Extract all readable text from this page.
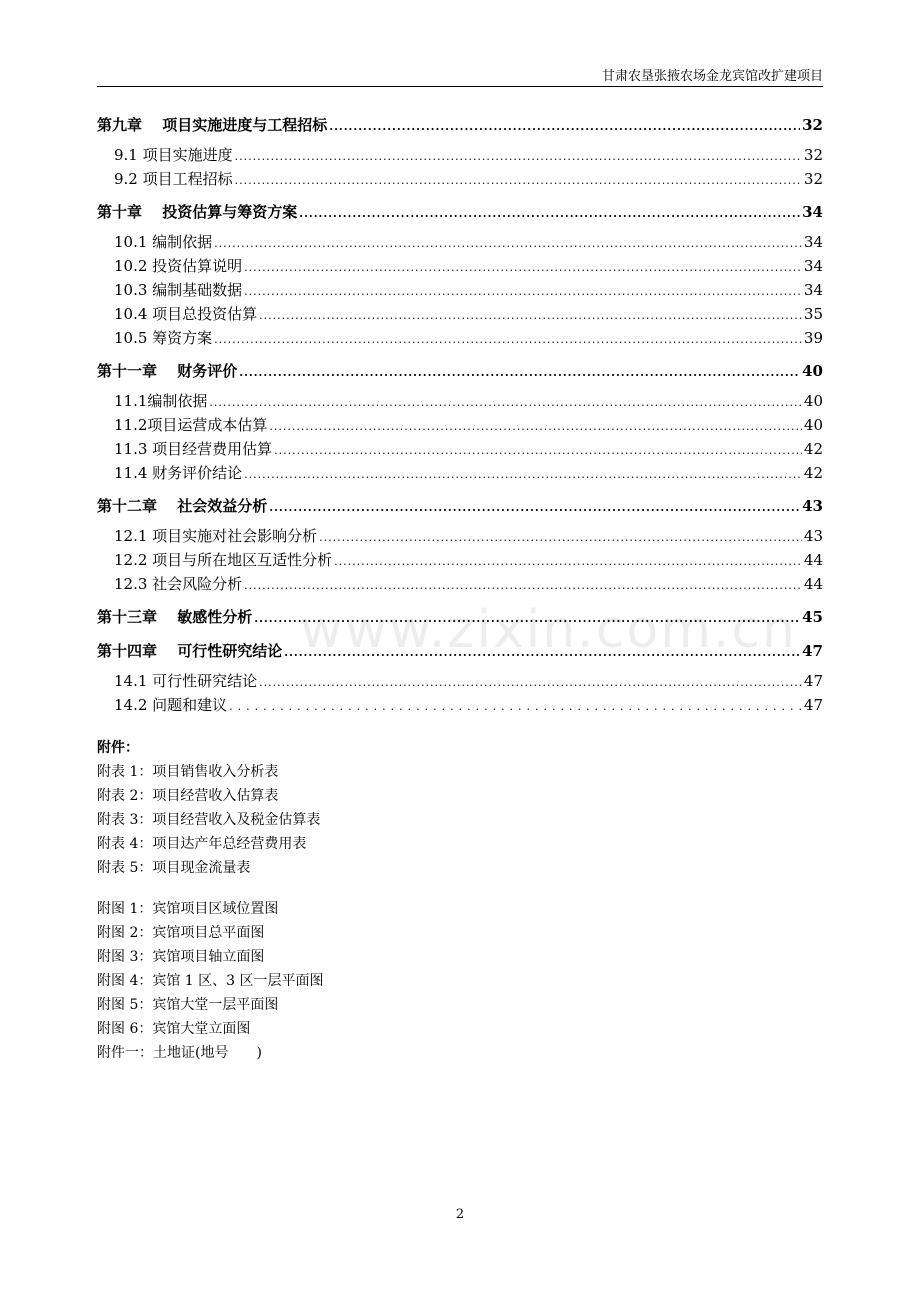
甘肃农垦张掖农场金龙宾馆改扩建项目
第九章　 项目实施进度与工程招标 .....	32
9.1 项目实施进度 .....	32
9.2 项目工程招标 .....	32
第十章　 投资估算与筹资方案 .....	34
10.1 编制依据 .....	34
10.2 投资估算说明 .....	34
10.3 编制基础数据 .....	34
10.4 项目总投资估算 .....	35
10.5 筹资方案 .....	39
第十一章　 财务评价 .....	40
11.1编制依据 .....	40
11.2项目运营成本估算 .....	40
11.3 项目经营费用估算 .....	42
11.4 财务评价结论 .....	42
第十二章　 社会效益分析 .....	43
12.1 项目实施对社会影响分析 .....	43
12.2 项目与所在地区互适性分析 .....	44
12.3 社会风险分析 .....	44
第十三章　 敏感性分析 .....	45
第十四章　 可行性研究结论 .....	47
14.1 可行性研究结论 .....	47
14.2 问题和建议 .....	47
附件：
附表 1：项目销售收入分析表
附表 2：项目经营收入估算表
附表 3：项目经营收入及税金估算表
附表 4：项目达产年总经营费用表
附表 5：项目现金流量表
附图 1：宾馆项目区域位置图
附图 2：宾馆项目总平面图
附图 3：宾馆项目轴立面图
附图 4：宾馆 1 区、3 区一层平面图
附图 5：宾馆大堂一层平面图
附图 6：宾馆大堂立面图
附件一：土地证(地号　　)
www.zixin.com.cn
2
